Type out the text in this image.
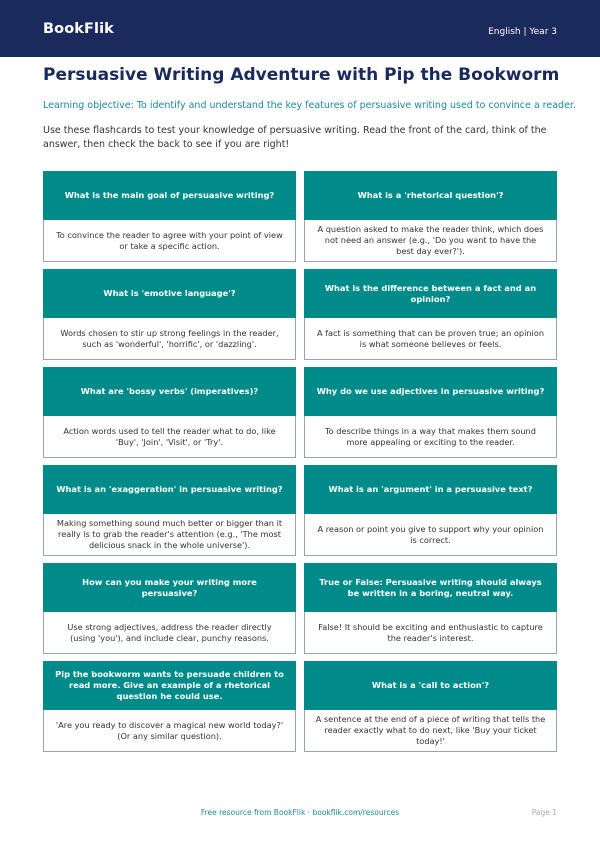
BookFlik	English | Year 3
Persuasive Writing Adventure with Pip the Bookworm
Learning objective: To identify and understand the key features of persuasive writing used to convince a reader.
Use these flashcards to test your knowledge of persuasive writing. Read the front of the card, think of the answer, then check the back to see if you are right!
What is the main goal of persuasive writing?
To convince the reader to agree with your point of view or take a specific action.
What is a 'rhetorical question'?
A question asked to make the reader think, which does not need an answer (e.g., 'Do you want to have the best day ever?').
What is 'emotive language'?
Words chosen to stir up strong feelings in the reader, such as 'wonderful', 'horrific', or 'dazzling'.
What is the difference between a fact and an opinion?
A fact is something that can be proven true; an opinion is what someone believes or feels.
What are 'bossy verbs' (imperatives)?
Action words used to tell the reader what to do, like 'Buy', 'Join', 'Visit', or 'Try'.
Why do we use adjectives in persuasive writing?
To describe things in a way that makes them sound more appealing or exciting to the reader.
What is an 'exaggeration' in persuasive writing?
Making something sound much better or bigger than it really is to grab the reader's attention (e.g., 'The most delicious snack in the whole universe').
What is an 'argument' in a persuasive text?
A reason or point you give to support why your opinion is correct.
How can you make your writing more persuasive?
Use strong adjectives, address the reader directly (using 'you'), and include clear, punchy reasons.
True or False: Persuasive writing should always be written in a boring, neutral way.
False! It should be exciting and enthusiastic to capture the reader's interest.
Pip the bookworm wants to persuade children to read more. Give an example of a rhetorical question he could use.
'Are you ready to discover a magical new world today?' (Or any similar question).
What is a 'call to action'?
A sentence at the end of a piece of writing that tells the reader exactly what to do next, like 'Buy your ticket today!'
Free resource from BookFlik · bookflik.com/resources	Page 1
